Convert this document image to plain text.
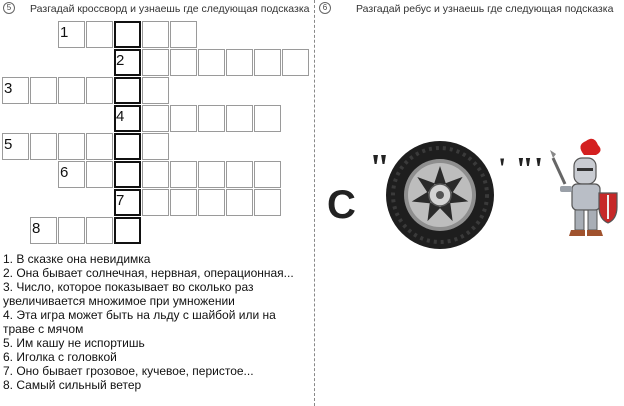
5	Разгадай кроссворд и узнаешь где следующая подсказка
1
2
3
4
5
6
7
8
1. В сказке она невидимка
2. Она бывает солнечная, нервная, операционная...
3. Число, которое показывает во сколько раз
увеличивается множимое при умножении
4. Эта игра может быть на льду с шайбой или на
траве с мячом
5. Им кашу не испортишь
6. Иголка с головкой
7. Оно бывает грозовое, кучевое, перистое...
8. Самый сильный ветер
6	Разгадай ребус и узнаешь где следующая подсказка
С
"	' "'
